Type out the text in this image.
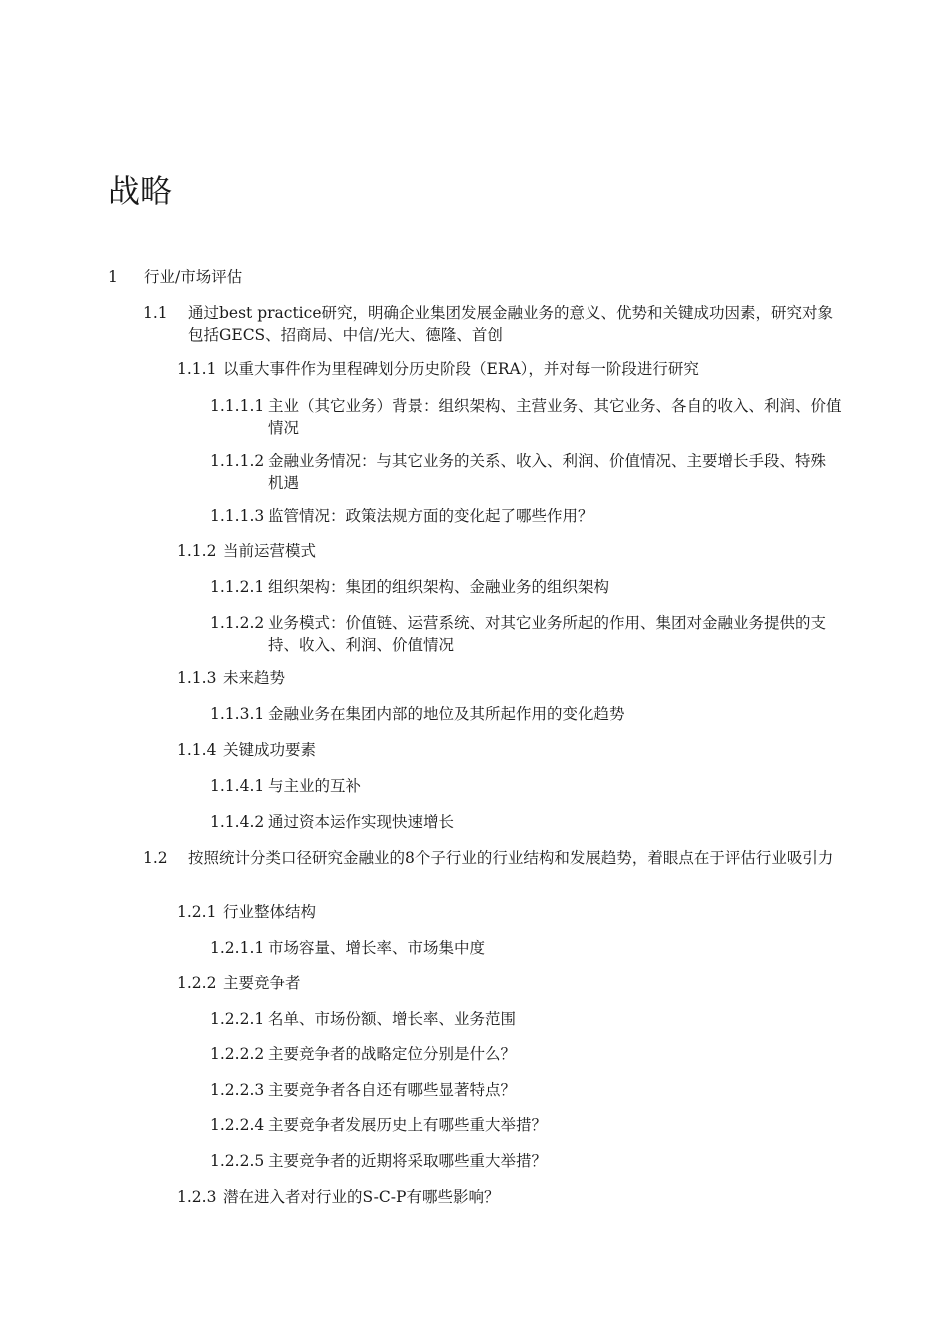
战略
1	行业/市场评估
1.1	通过best practice研究，明确企业集团发展金融业务的意义、优势和关键成功因素，研究对象包括GECS、招商局、中信/光大、德隆、首创
1.1.1 以重大事件作为里程碑划分历史阶段（ERA），并对每一阶段进行研究
1.1.1.1 主业（其它业务）背景：组织架构、主营业务、其它业务、各自的收入、利润、价值情况
1.1.1.2 金融业务情况：与其它业务的关系、收入、利润、价值情况、主要增长手段、特殊机遇
1.1.1.3 监管情况：政策法规方面的变化起了哪些作用？
1.1.2 当前运营模式
1.1.2.1 组织架构：集团的组织架构、金融业务的组织架构
1.1.2.2 业务模式：价值链、运营系统、对其它业务所起的作用、集团对金融业务提供的支持、收入、利润、价值情况
1.1.3 未来趋势
1.1.3.1 金融业务在集团内部的地位及其所起作用的变化趋势
1.1.4 关键成功要素
1.1.4.1 与主业的互补
1.1.4.2 通过资本运作实现快速增长
1.2	按照统计分类口径研究金融业的8个子行业的行业结构和发展趋势，着眼点在于评估行业吸引力
1.2.1 行业整体结构
1.2.1.1 市场容量、增长率、市场集中度
1.2.2 主要竞争者
1.2.2.1 名单、市场份额、增长率、业务范围
1.2.2.2 主要竞争者的战略定位分别是什么？
1.2.2.3 主要竞争者各自还有哪些显著特点？
1.2.2.4 主要竞争者发展历史上有哪些重大举措？
1.2.2.5 主要竞争者的近期将采取哪些重大举措？
1.2.3 潜在进入者对行业的S-C-P有哪些影响？
